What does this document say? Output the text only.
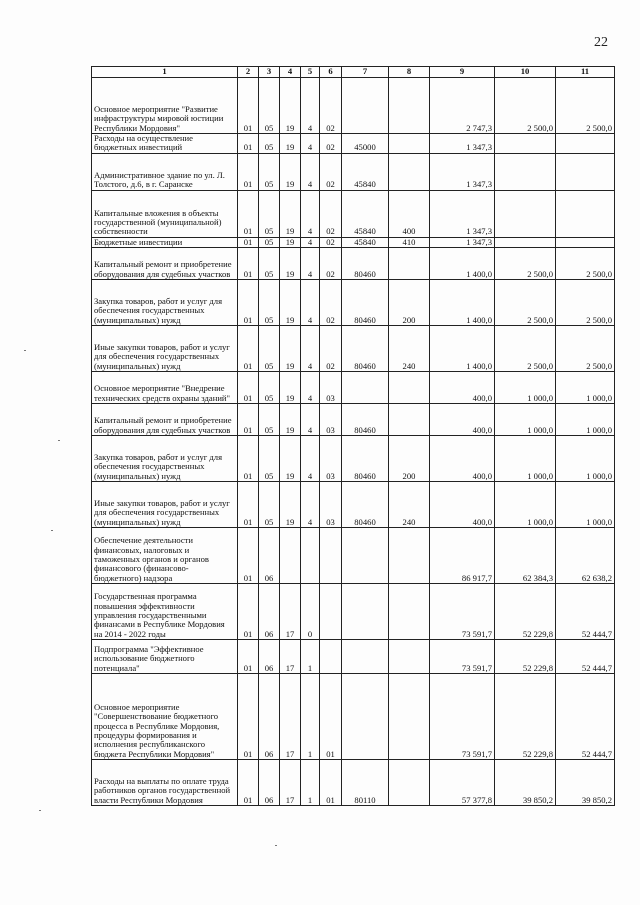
22
1	2	3	4	5	6	7	8	9	10	11
Основное мероприятие "Развитие инфраструктуры мировой юстиции Республики Мордовия"	01	05	19	4	02			2 747,3	2 500,0	2 500,0
Расходы на осуществление бюджетных инвестиций	01	05	19	4	02	45000		1 347,3		
Административное здание по ул. Л. Толстого, д.6, в г. Саранске	01	05	19	4	02	45840		1 347,3		
Капитальные вложения в объекты государственной (муниципальной) собственности	01	05	19	4	02	45840	400	1 347,3		
Бюджетные инвестиции	01	05	19	4	02	45840	410	1 347,3		
Капитальный ремонт и приобретение оборудования для судебных участков	01	05	19	4	02	80460		1 400,0	2 500,0	2 500,0
Закупка товаров, работ и услуг для обеспечения государственных (муниципальных) нужд	01	05	19	4	02	80460	200	1 400,0	2 500,0	2 500,0
Иные закупки товаров, работ и услуг для обеспечения государственных (муниципальных) нужд	01	05	19	4	02	80460	240	1 400,0	2 500,0	2 500,0
Основное мероприятие "Внедрение технических средств охраны зданий"	01	05	19	4	03			400,0	1 000,0	1 000,0
Капитальный ремонт и приобретение оборудования для судебных участков	01	05	19	4	03	80460		400,0	1 000,0	1 000,0
Закупка товаров, работ и услуг для обеспечения государственных (муниципальных) нужд	01	05	19	4	03	80460	200	400,0	1 000,0	1 000,0
Иные закупки товаров, работ и услуг для обеспечения государственных (муниципальных) нужд	01	05	19	4	03	80460	240	400,0	1 000,0	1 000,0
Обеспечение деятельности финансовых, налоговых и таможенных органов и органов финансового (финансово-бюджетного) надзора	01	06						86 917,7	62 384,3	62 638,2
Государственная программа повышения эффективности управления государственными финансами в Республике Мордовия на 2014 - 2022 годы	01	06	17	0				73 591,7	52 229,8	52 444,7
Подпрограмма "Эффективное использование бюджетного потенциала"	01	06	17	1				73 591,7	52 229,8	52 444,7
Основное мероприятие "Совершенствование бюджетного процесса в Республике Мордовия, процедуры формирования и исполнения республиканского бюджета Республики Мордовия"	01	06	17	1	01			73 591,7	52 229,8	52 444,7
Расходы на выплаты по оплате труда работников органов государственной власти Республики Мордовия	01	06	17	1	01	80110		57 377,8	39 850,2	39 850,2
